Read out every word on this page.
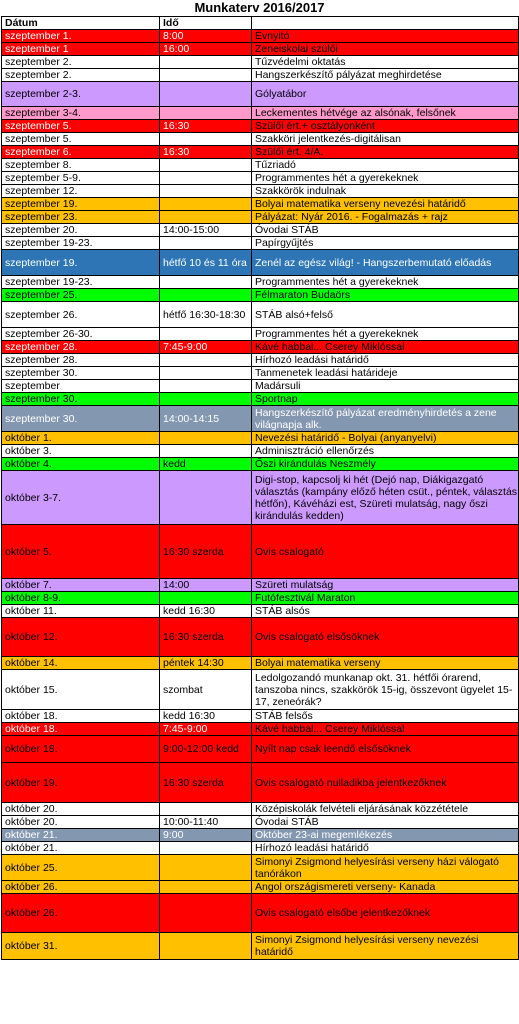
Munkaterv 2016/2017
Dátum	Idő	
szeptember 1.	8:00	Évnyitó
szeptember 1	16:00	Zeneiskolai szülői
szeptember 2.		Tűzvédelmi oktatás
szeptember 2.		Hangszerkészítő pályázat meghirdetése
szeptember 2-3.		Gólyatábor
szeptember 3-4.		Leckementes hétvége az alsónak, felsőnek
szeptember 5.	16:30	Szülői ért.+ osztályonként
szeptember 5.		Szakköri jelentkezés-digitálisan
szeptember 6.	16:30	Szülői ért. 4/A.
szeptember 8.		Tűzriadó
szeptember 5-9.		Programmentes hét a gyerekeknek
szeptember 12.		Szakkörök indulnak
szeptember 19.		Bolyai matematika verseny nevezési határidő
szeptember 23.		Pályázat: Nyár 2016. - Fogalmazás + rajz
szeptember 20.	14:00-15:00	Óvodai STÁB
szeptember 19-23.		Papírgyűjtés
szeptember 19.	hétfő 10 és 11 óra	Zenél az egész világ! - Hangszerbemutató előadás
szeptember 19-23.		Programmentes hét a gyerekeknek
szeptember 25.		Félmaraton Budaörs
szeptember 26.	hétfő 16:30-18:30	STÁB alsó+felső
szeptember 26-30.		Programmentes hét a gyerekeknek
szeptember 28.	7:45-9:00	Kávé habbal... Cserey Miklóssal
szeptember 28.		Hírhozó leadási határidő
szeptember 30.		Tanmenetek leadási határideje
szeptember		Madársuli
szeptember 30.		Sportnap
szeptember 30.	14:00-14:15	Hangszerkészítő pályázat eredményhirdetés a zene világnapja alk.
október 1.		Nevezési határidő - Bolyai (anyanyelvi)
október 3.		Adminisztráció ellenőrzés
október 4.	kedd	Őszi kirándulás Neszmély
október 3-7.		Digi-stop, kapcsolj ki hét (Dejó nap, Diákigazgató választás (kampány előző héten csüt., péntek, választás hétfőn), Kávéházi est, Szüreti mulatság, nagy őszi kirándulás kedden)
október 5.	16:30 szerda	Ovis csalogató
október 7.	14:00	Szüreti mulatság
október 8-9.		Futófesztivál Maraton
október 11.	kedd 16:30	STÁB alsós
október 12.	16:30 szerda	Ovis csalogató elsősöknek
október 14.	péntek 14:30	Bolyai matematika verseny
október 15.	szombat	Ledolgozandó munkanap okt. 31. hétfői órarend, tanszoba nincs, szakkörök 15-ig, összevont ügyelet 15-17, zeneórák?
október 18.	kedd 16:30	STÁB felsős
október 18.	7:45-9:00	Kávé habbal... Cserey Miklóssal
október 18.	9:00-12:00 kedd	Nyílt nap csak leendő elsősöknek
október 19.	16:30 szerda	Ovis csalogató nulladikba jelentkezőknek
október 20.		Középiskolák felvételi eljárásának közzététele
október 20.	10:00-11:40	Óvodai STÁB
október 21.	9:00	Október 23-ai megemlékezés
október 21.		Hírhozó leadási határidő
október 25.		Simonyi Zsigmond helyesírási verseny házi válogató tanórákon
október 26.		Angol országismereti verseny- Kanada
október 26.		Ovis csalogató elsőbe jelentkezőknek
október 31.		Simonyi Zsigmond helyesírási verseny nevezési határidő
